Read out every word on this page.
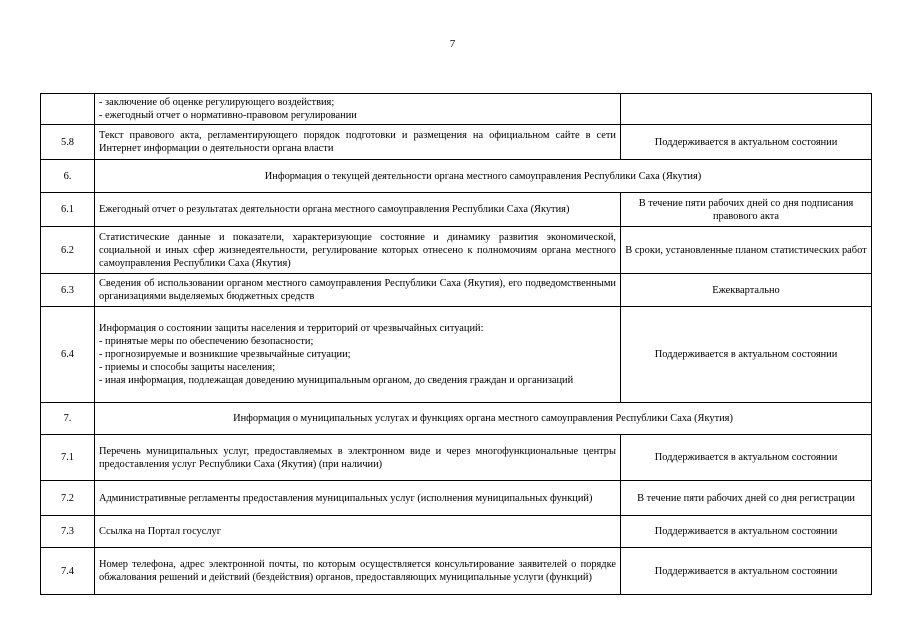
7

	- заключение об оценке регулирующего воздействия;
- ежегодный отчет о нормативно-правовом регулировании	

5.8	Текст правового акта, регламентирующего порядок подготовки и размещения на официальном сайте в сети Интернет информации о деятельности органа власти	Поддерживается в актуальном состоянии
6.	Информация о текущей деятельности органа местного самоуправления Республики Саха (Якутия)	
6.1	Ежегодный отчет о результатах деятельности органа местного самоуправления Республики Саха (Якутия)	В течение пяти рабочих дней со дня подписания правового акта
6.2	Статистические данные и показатели, характеризующие состояние и динамику развития экономической, социальной и иных сфер жизнедеятельности, регулирование которых отнесено к полномочиям органа местного самоуправления Республики Саха (Якутия)	В сроки, установленные планом статистических работ
6.3	Сведения об использовании органом местного самоуправления Республики Саха (Якутия), его подведомственными организациями выделяемых бюджетных средств	Ежеквартально
6.4	Информация о состоянии защиты населения и территорий от чрезвычайных ситуаций:
- принятые меры по обеспечению безопасности;
- прогнозируемые и возникшие чрезвычайные ситуации;
- приемы и способы защиты населения;
- иная информация, подлежащая доведению муниципальным органом, до сведения граждан и организаций	Поддерживается в актуальном состоянии
7.	Информация о муниципальных услугах и функциях органа местного самоуправления Республики Саха (Якутия)	
7.1	Перечень муниципальных услуг, предоставляемых в электронном виде и через многофункциональные центры предоставления услуг Республики Саха (Якутия) (при наличии)	Поддерживается в актуальном состоянии
7.2	Административные регламенты предоставления муниципальных услуг (исполнения муниципальных функций)	В течение пяти рабочих дней со дня регистрации
7.3	Ссылка на Портал госуслуг	Поддерживается в актуальном состоянии
7.4	Номер телефона, адрес электронной почты, по которым осуществляется консультирование заявителей о порядке обжалования решений и действий (бездействия) органов, предоставляющих муниципальные услуги (функций)	Поддерживается в актуальном состоянии
